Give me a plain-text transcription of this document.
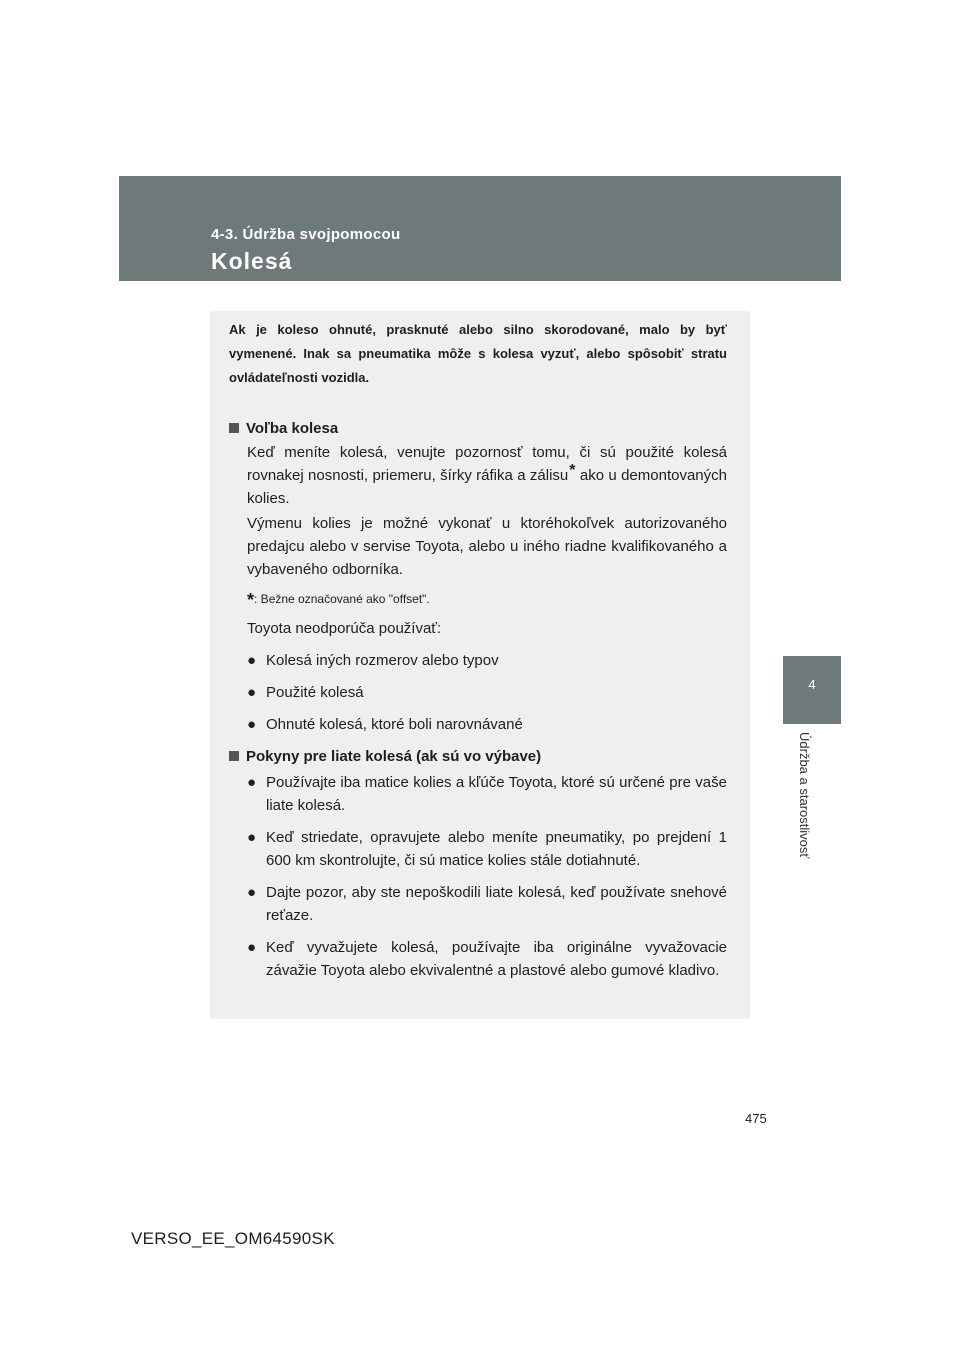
4-3. Údržba svojpomocou
Kolesá
4
Údržba a starostlivosť
Ak je koleso ohnuté, prasknuté alebo silno skorodované, malo by byť vymenené. Inak sa pneumatika môže s kolesa vyzuť, alebo spôsobiť stratu ovládateľnosti vozidla.
Voľba kolesa
Keď meníte kolesá, venujte pozornosť tomu, či sú použité kolesá rovnakej nosnosti, priemeru, šírky ráfika a zálisu* ako u demontovaných kolies.
Výmenu kolies je možné vykonať u ktoréhokoľvek autorizovaného predajcu alebo v servise Toyota, alebo u iného riadne kvalifikovaného a vybaveného odborníka.
*: Bežne označované ako "offset".
Toyota neodporúča používať:
● Kolesá iných rozmerov alebo typov
● Použité kolesá
● Ohnuté kolesá, ktoré boli narovnávané
Pokyny pre liate kolesá (ak sú vo výbave)
● Používajte iba matice kolies a kľúče Toyota, ktoré sú určené pre vaše liate kolesá.
● Keď striedate, opravujete alebo meníte pneumatiky, po prejdení 1 600 km skontrolujte, či sú matice kolies stále dotiahnuté.
● Dajte pozor, aby ste nepoškodili liate kolesá, keď používate snehové reťaze.
● Keď vyvažujete kolesá, používajte iba originálne vyvažovacie závažie Toyota alebo ekvivalentné a plastové alebo gumové kladivo.
475
VERSO_EE_OM64590SK
